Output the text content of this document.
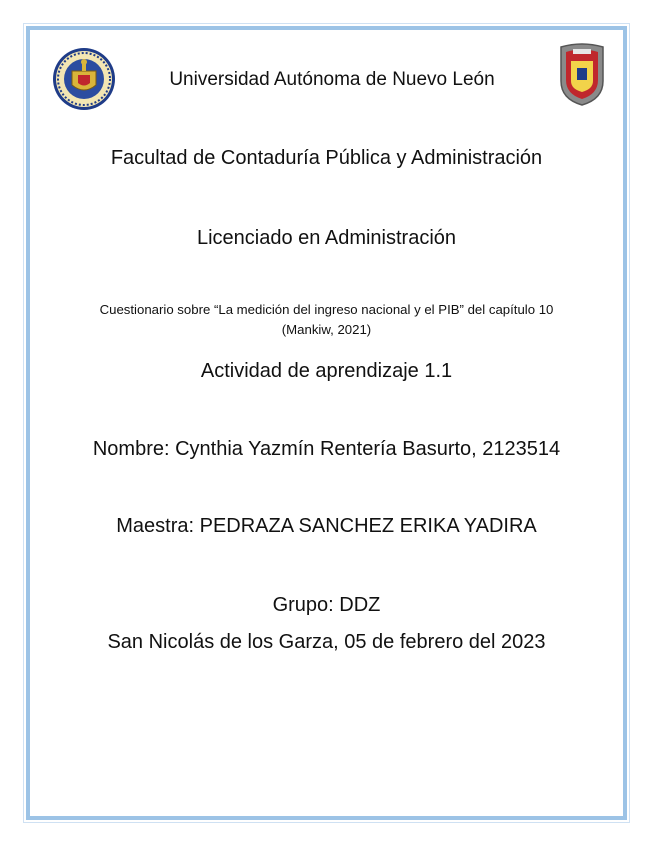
Universidad Autónoma de Nuevo León
Facultad de Contaduría Pública y Administración
Licenciado en Administración
Cuestionario sobre “La medición del ingreso nacional y el PIB” del capítulo 10
(Mankiw, 2021)
Actividad de aprendizaje 1.1
Nombre: Cynthia Yazmín Rentería Basurto, 2123514
Maestra: PEDRAZA SANCHEZ ERIKA YADIRA
Grupo: DDZ
San Nicolás de los Garza, 05 de febrero del 2023
